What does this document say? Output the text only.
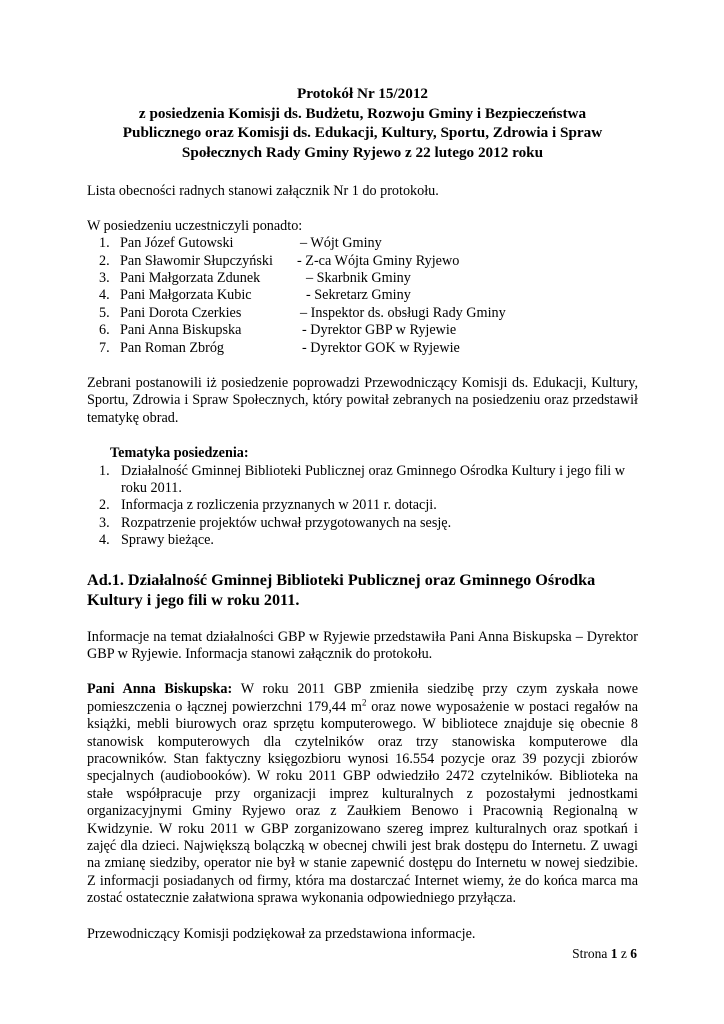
Protokół Nr 15/2012

z posiedzenia Komisji ds. Budżetu, Rozwoju Gminy i Bezpieczeństwa

Publicznego oraz Komisji ds. Edukacji, Kultury, Sportu, Zdrowia i Spraw

Społecznych Rady Gminy Ryjewo z 22 lutego 2012 roku

Lista obecności radnych stanowi załącznik Nr 1 do protokołu.

W posiedzeniu uczestniczyli ponadto:

1. Pan Józef Gutowski	– Wójt Gminy
2. Pan Sławomir Słupczyński - Z-ca Wójta Gminy Ryjewo
3. Pani Małgorzata Zdunek	– Skarbnik Gminy
4. Pani Małgorzata Kubic	- Sekretarz Gminy
5. Pani Dorota Czerkies	– Inspektor ds. obsługi Rady Gminy
6. Pani Anna Biskupska	- Dyrektor GBP w Ryjewie
7. Pan Roman Zbróg	- Dyrektor GOK w Ryjewie

Zebrani postanowili iż posiedzenie poprowadzi Przewodniczący Komisji ds. Edukacji, Kultury, Sportu, Zdrowia i Spraw Społecznych, który powitał zebranych na posiedzeniu oraz przedstawił tematykę obrad.

Tematyka posiedzenia:

1. Działalność Gminnej Biblioteki Publicznej oraz Gminnego Ośrodka Kultury i jego fili w roku 2011.
2. Informacja z rozliczenia przyznanych w 2011 r. dotacji.
3. Rozpatrzenie projektów uchwał przygotowanych na sesję.
4. Sprawy bieżące.

Ad.1. Działalność Gminnej Biblioteki Publicznej oraz Gminnego Ośrodka Kultury i jego fili w roku 2011.

Informacje na temat działalności GBP w Ryjewie przedstawiła Pani Anna Biskupska – Dyrektor GBP w Ryjewie. Informacja stanowi załącznik do protokołu.

Pani Anna Biskupska: W roku 2011 GBP zmieniła siedzibę przy czym zyskała nowe pomieszczenia o łącznej powierzchni 179,44 $m^2$ oraz nowe wyposażenie w postaci regałów na książki, mebli biurowych oraz sprzętu komputerowego. W bibliotece znajduje się obecnie 8 stanowisk komputerowych dla czytelników oraz trzy stanowiska komputerowe dla pracowników. Stan faktyczny księgozbioru wynosi 16.554 pozycje oraz 39 pozycji zbiorów specjalnych (audiobooków). W roku 2011 GBP odwiedziło 2472 czytelników. Biblioteka na stałe współpracuje przy organizacji imprez kulturalnych z pozostałymi jednostkami organizacyjnymi Gminy Ryjewo oraz z Zaułkiem Benowo i Pracownią Regionalną w Kwidzynie. W roku 2011 w GBP zorganizowano szereg imprez kulturalnych oraz spotkań i zajęć dla dzieci. Największą bolączką w obecnej chwili jest brak dostępu do Internetu. Z uwagi na zmianę siedziby, operator nie był w stanie zapewnić dostępu do Internetu w nowej siedzibie. Z informacji posiadanych od firmy, która ma dostarczać Internet wiemy, że do końca marca ma zostać ostatecznie załatwiona sprawa wykonania odpowiedniego przyłącza.

Przewodniczący Komisji podziękował za przedstawiona informacje.

Strona 1 z 6
